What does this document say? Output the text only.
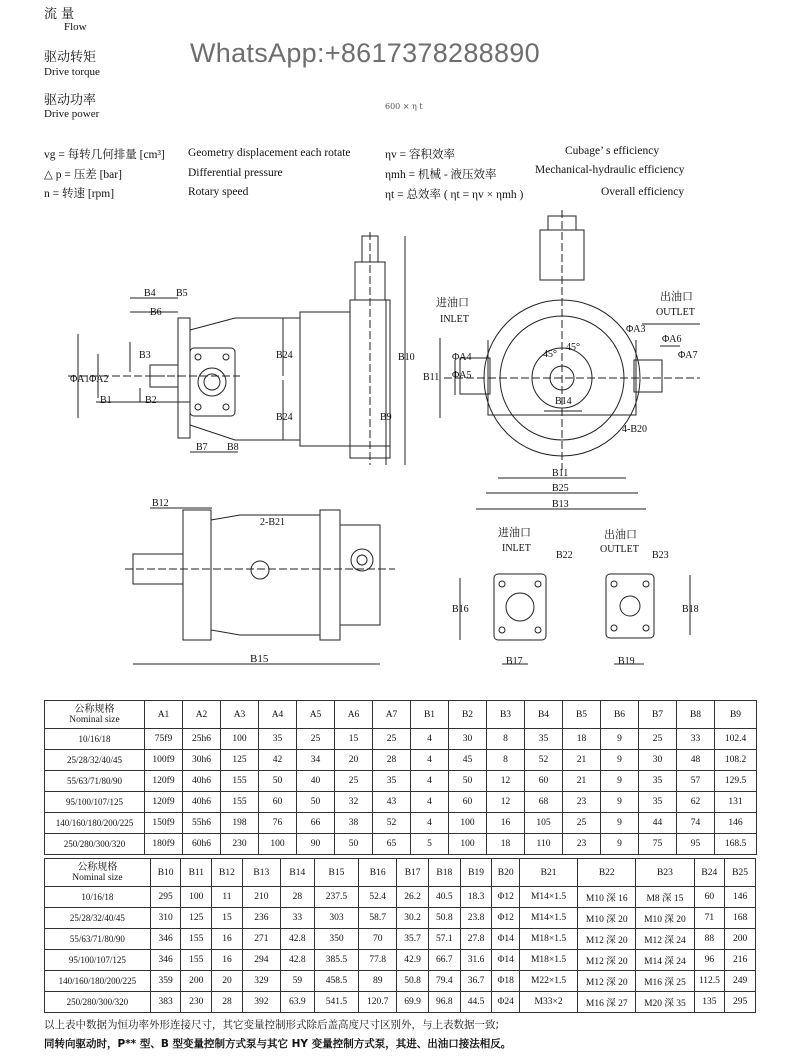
流 量
Flow
驱动转矩
Drive torque
驱动功率
Drive power
600 × η t
WhatsApp:+8617378288890
vg = 每转几何排量 [cm³] Geometry displacement each rotate
△ p = 压差 [bar]	Differential pressure
n = 转速 [rpm]	Rotary speed
ηv = 容积效率	Cubage’ s efficiency
ηmh = 机械 - 液压效率	Mechanical-hydraulic efficiency
ηt = 总效率 ( ηt = ηv × ηmh )	Overall efficiency
B4 B5
B6
B3	B24
B24
B10
B9
ΦA1 ΦA2
B1	B2
B7 B8
进油口
INLET
出油口
OUTLET
ΦA3
ΦA6
ΦA7
ΦA4
ΦA5
B11
B14
45°
45°
4-B20
B11
B25
B13
B12
2-B21
B15
进油口
INLET
出油口
OUTLET
B22	B23
B16	B18
B17	B19
公称规格
Nominal size	A1	A2	A3	A4	A5	A6	A7	B1	B2	B3	B4	B5	B6	B7	B8	B9
10/16/18	75f9	25h6	100	35	25	15	25	4	30	8	35	18	9	25	33	102.4
25/28/32/40/45	100f9	30h6	125	42	34	20	28	4	45	8	52	21	9	30	48	108.2
55/63/71/80/90	120f9	40h6	155	50	40	25	35	4	50	12	60	21	9	35	57	129.5
95/100/107/125	120f9	40h6	155	60	50	32	43	4	60	12	68	23	9	35	62	131
140/160/180/200/225	150f9	55h6	198	76	66	38	52	4	100	16	105	25	9	44	74	146
250/280/300/320	180f9	60h6	230	100	90	50	65	5	100	18	110	23	9	75	95	168.5
公称规格
Nominal size	B10	B11	B12	B13	B14	B15	B16	B17	B18	B19	B20	B21	B22	B23	B24	B25
10/16/18	295	100	11	210	28	237.5	52.4	26.2	40.5	18.3	Φ12	M14×1.5	M10 深 16	M8 深 15	60	146
25/28/32/40/45	310	125	15	236	33	303	58.7	30.2	50.8	23.8	Φ12	M14×1.5	M10 深 20	M10 深 20	71	168
55/63/71/80/90	346	155	16	271	42.8	350	70	35.7	57.1	27.8	Φ14	M18×1.5	M12 深 20	M12 深 24	88	200
95/100/107/125	346	155	16	294	42.8	385.5	77.8	42.9	66.7	31.6	Φ14	M18×1.5	M12 深 20	M14 深 24	96	216
140/160/180/200/225	359	200	20	329	59	458.5	89	50.8	79.4	36.7	Φ18	M22×1.5	M12 深 20	M16 深 25	112.5	249
250/280/300/320	383	230	28	392	63.9	541.5	120.7	69.9	96.8	44.5	Φ24	M33×2	M16 深 27	M20 深 35	135	295
以上表中数据为恒功率外形连接尺寸，其它变量控制形式除后盖高度尺寸区别外，与上表数据一致;
同转向驱动时，P** 型、B 型变量控制方式泵与其它 HY 变量控制方式泵，其进、出油口接法相反。
